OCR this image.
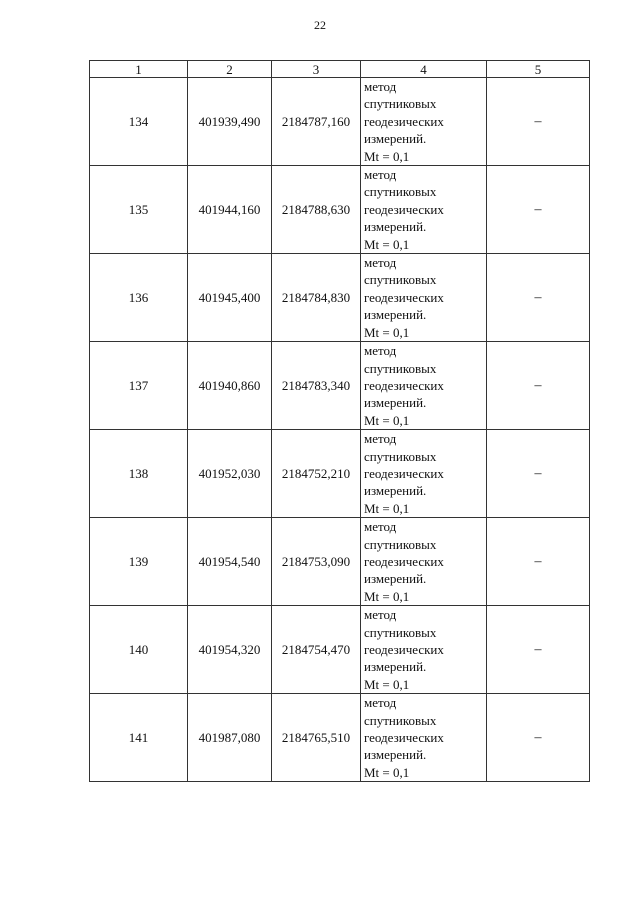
22
1	2	3	4	5
134	401939,490	2184787,160	метод
спутниковых
геодезических
измерений.
Mt = 0,1	–
135	401944,160	2184788,630	метод
спутниковых
геодезических
измерений.
Mt = 0,1	–
136	401945,400	2184784,830	метод
спутниковых
геодезических
измерений.
Mt = 0,1	–
137	401940,860	2184783,340	метод
спутниковых
геодезических
измерений.
Mt = 0,1	–
138	401952,030	2184752,210	метод
спутниковых
геодезических
измерений.
Mt = 0,1	–
139	401954,540	2184753,090	метод
спутниковых
геодезических
измерений.
Mt = 0,1	–
140	401954,320	2184754,470	метод
спутниковых
геодезических
измерений.
Mt = 0,1	–
141	401987,080	2184765,510	метод
спутниковых
геодезических
измерений.
Mt = 0,1	–
